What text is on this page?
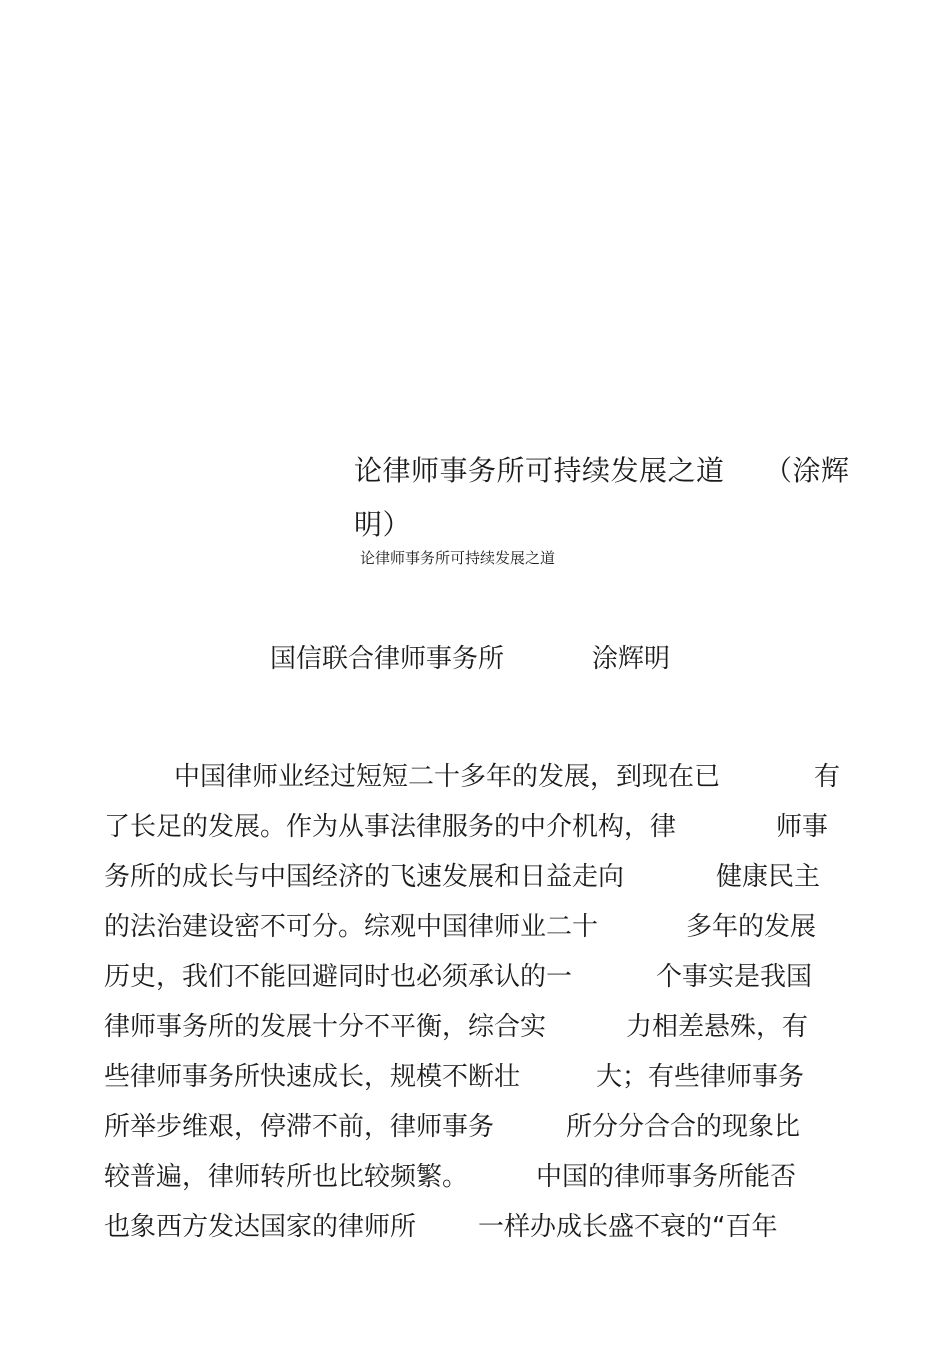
论律师事务所可持续发展之道 （涂辉
明）
论律师事务所可持续发展之道
国信联合律师事务所	涂辉明
中国律师业经过短短二十多年的发展，到现在已	有
了长足的发展。作为从事法律服务的中介机构，律	师事
务所的成长与中国经济的飞速发展和日益走向	健康民主
的法治建设密不可分。综观中国律师业二十	多年的发展
历史，我们不能回避同时也必须承认的一	个事实是我国
律师事务所的发展十分不平衡，综合实	力相差悬殊，有
些律师事务所快速成长，规模不断壮	大；有些律师事务
所举步维艰，停滞不前，律师事务	所分分合合的现象比
较普遍，律师转所也比较频繁。	中国的律师事务所能否
也象西方发达国家的律师所 一样办成长盛不衰的“百年
